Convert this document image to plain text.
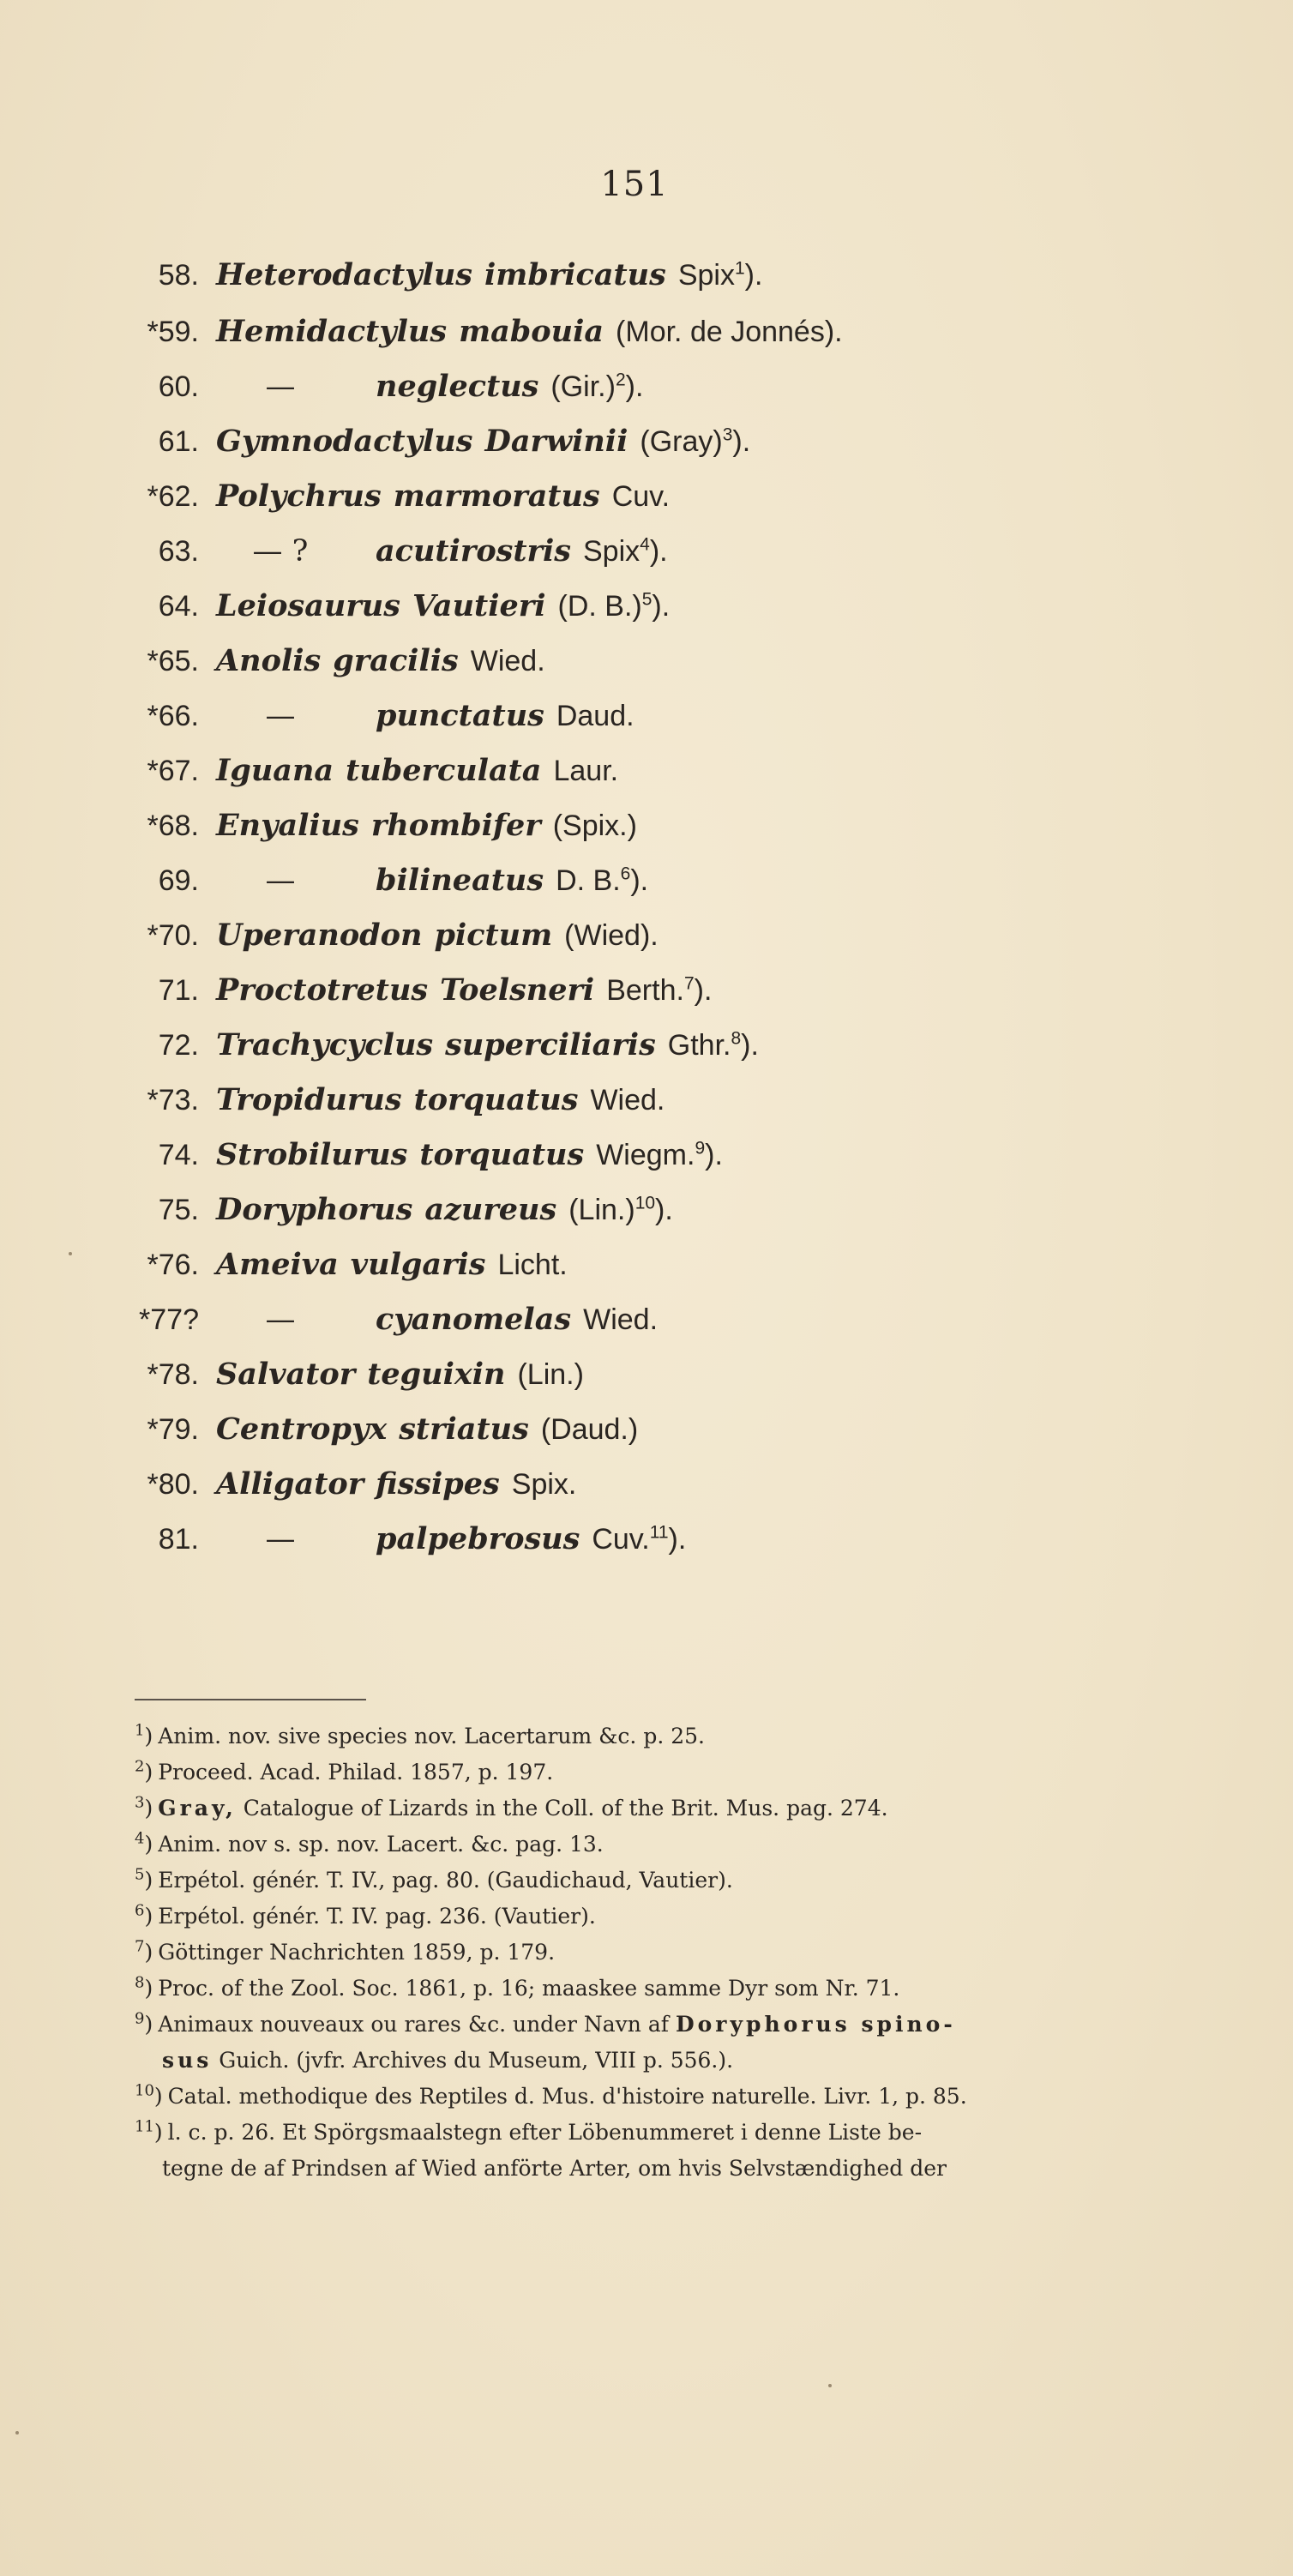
151
58. Heterodactylus imbricatus Spix$^1$).
*59. Hemidactylus mabouia (Mor. de Jonnés).
60.	—	neglectus $(Gir.)^2$).
61. Gymnodactylus Darwinii (Gray)$^3$).
*62. Polychrus marmoratus Cuv.
63.	— ?	acutirostris Spix$^4$).
64. Leiosaurus Vautieri (D. B.)$^5$).
*65. Anolis gracilis Wied.
*66.	—	punctatus Daud.
*67. Iguana tuberculata Laur.
*68. Enyalius rhombifer (Spix.)
69.	—	bilineatus D. B.$^6$).
*70. Uperanodon pictum (Wied).
71. Proctotretus Toelsneri Berth.$^7$).
72. Trachycyclus superciliaris Gthr.$^8$).
*73. Tropidurus torquatus Wied.
74. Strobilurus torquatus Wiegm.$^9$).
75. Doryphorus azureus $(Lin.)^{10}$).
*76. Ameiva vulgaris Licht.
*77?	—	cyanomelas Wied.
*78. Salvator teguixin (Lin.)
*79. Centropyx striatus (Daud.)
*80. Alligator fissipes Spix.
81.	—	palpebrosus Cuv.$^{11}$).
$^1$) Anim. nov. sive species nov. Lacertarum &c. p. 25.
$^2$) Proceed. Acad. Philad. 1857, p. 197.
$^3$) Gray, Catalogue of Lizards in the Coll. of the Brit. Mus. pag. 274.
$^4$) Anim. nov s. sp. nov. Lacert. &c. pag. 13.
$^5$) Erpétol. génér. T. IV., pag. 80. (Gaudichaud, Vautier).
$^6$) Erpétol. génér. T. IV. pag. 236. (Vautier).
$^7$) Göttinger Nachrichten 1859, p. 179.
$^8$) Proc. of the Zool. Soc. 1861, p. 16; maaskee samme Dyr som Nr. 71.
$^9$) Animaux nouveaux ou rares &c. under Navn af Doryphorus spino-
sus Guich. (jvfr. Archives du Museum, VIII p. 556.).
$^{10}$) Catal. methodique des Reptiles d. Mus. d'histoire naturelle. Livr. 1, p. 85.
$^{11}$) l. c. p. 26. Et Spörgsmaalstegn efter Löbenummeret i denne Liste be-
tegne de af Prindsen af Wied anförte Arter, om hvis Selvstændighed der
